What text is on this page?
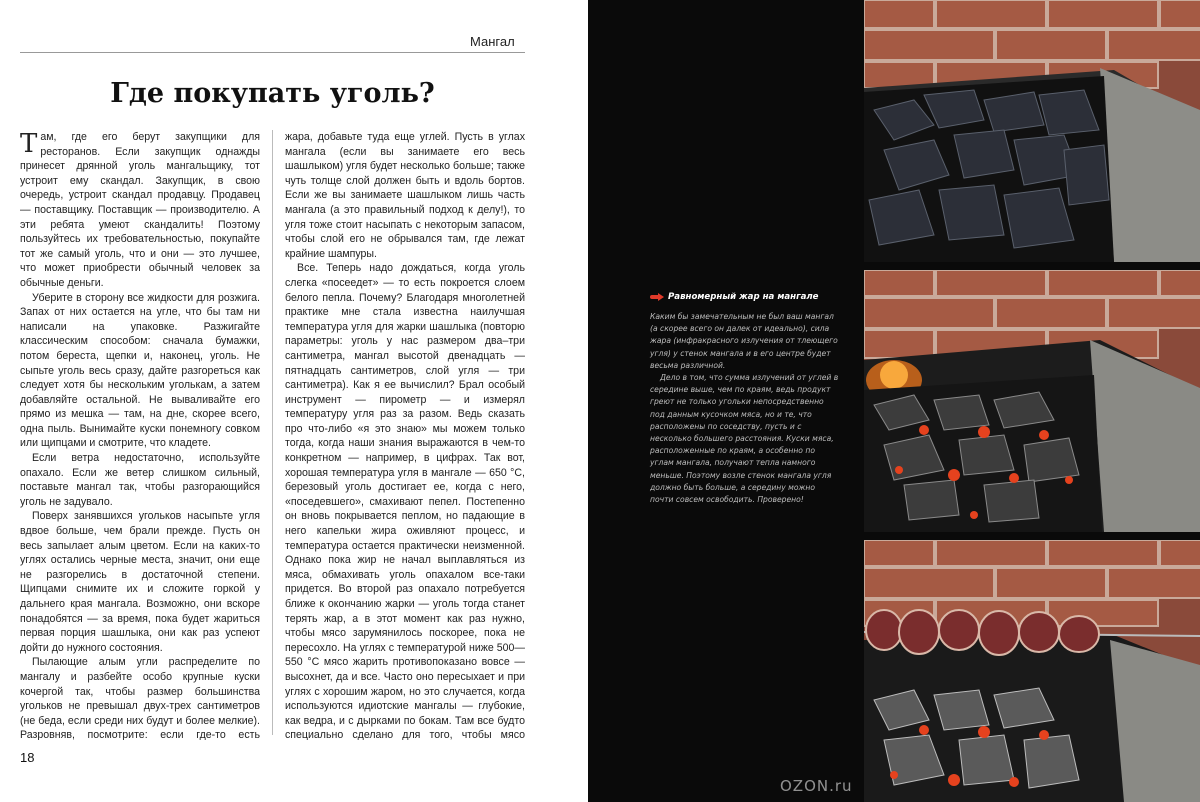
Мангал
Где покупать уголь?

Там, где его берут закупщики для ресторанов. Если закупщик однажды принесет дрянной уголь мангальщику, тот устроит ему скандал. Закупщик, в свою очередь, устроит скандал продавцу. Продавец — поставщику. Поставщик — производителю. А эти ребята умеют скандалить! Поэтому пользуйтесь их требовательностью, покупайте тот же самый уголь, что и они — это лучшее, что может приобрести обычный человек за обычные деньги.

Уберите в сторону все жидкости для розжига. Запах от них остается на угле, что бы там ни написали на упаковке. Разжигайте классическим способом: сначала бумажки, потом береста, щепки и, наконец, уголь. Не сыпьте уголь весь сразу, дайте разгореться как следует хотя бы нескольким уголькам, а затем добавляйте остальной. Не вываливайте его прямо из мешка — там, на дне, скорее всего, одна пыль. Вынимайте куски понемногу совком или щипцами и смотрите, что кладете.

Если ветра недостаточно, используйте опахало. Если же ветер слишком сильный, поставьте мангал так, чтобы разгорающийся уголь не задувало.

Поверх занявшихся угольков насыпьте угля вдвое больше, чем брали прежде. Пусть он весь запылает алым цветом. Если на каких-то углях остались черные места, значит, они еще не разгорелись в достаточной степени. Щипцами снимите их и сложите горкой у дальнего края мангала. Возможно, они вскоре понадобятся — за время, пока будет жариться первая порция шашлыка, они как раз успеют дойти до нужного состояния.

Пылающие алым угли распределите по мангалу и разбейте особо крупные куски кочергой так, чтобы размер большинства угольков не превышал двух-трех сантиметров (не беда, если среди них будут и более мелкие). Разровняв, посмотрите: если где-то есть

жара, добавьте туда еще углей. Пусть в углах мангала (если вы занимаете его весь шашлыком) угля будет несколько больше; также чуть толще слой должен быть и вдоль бортов. Если же вы занимаете шашлыком лишь часть мангала (а это правильный подход к делу!), то угля тоже стоит насыпать с некоторым запасом, чтобы слой его не обрывался там, где лежат крайние шампуры.

Все. Теперь надо дождаться, когда уголь слегка «посеедет» — то есть покроется слоем белого пепла. Почему? Благодаря многолетней практике мне стала известна наилучшая температура угля для жарки шашлыка (повторю параметры: уголь у нас размером два–три сантиметра, мангал высотой двенадцать — пятнадцать сантиметров, слой угля — три сантиметра). Как я ее вычислил? Брал особый инструмент — пирометр — и измерял температуру угля раз за разом. Ведь сказать про что-либо «я это знаю» мы можем только тогда, когда наши знания выражаются в чем-то конкретном — например, в цифрах. Так вот, хорошая температура угля в мангале — 650 °C, березовый уголь достигает ее, когда с него, «поседевшего», смахивают пепел. Постепенно он вновь покрывается пеплом, но падающие в него капельки жира оживляют процесс, и температура остается практически неизменной. Однако пока жир не начал выплавляться из мяса, обмахивать уголь опахалом все-таки придется. Во второй раз опахало потребуется ближе к окончанию жарки — уголь тогда станет терять жар, а в этот момент как раз нужно, чтобы мясо зарумянилось поскорее, пока не пересохло. На углях с температурой ниже 500—550 °C мясо жарить противопоказано вовсе — высохнет, да и все. Часто оно пересыхает и при углях с хорошим жаром, но это случается, когда используются идиотские мангалы — глубокие, как ведра, и с дырками по бокам. Там все будто специально сделано для того, чтобы мясо

18
Равномерный жар на мангале

Каким бы замечательным не был ваш мангал (а скорее всего он далек от идеально), сила жара (инфракрасного излучения от тлеющего угля) у стенок мангала и в его центре будет весьма различной.

Дело в том, что сумма излучений от углей в середине выше, чем по краям, ведь продукт греют не только угольки непосредственно под данным кусочком мяса, но и те, что расположены по соседству, пусть и с несколько большего расстояния. Куски мяса, расположенные по краям, а особенно по углам мангала, получают тепла намного меньше. Поэтому возле стенок мангала угля должно быть больше, а середину можно почти совсем освободить. Проверено!

OZON.ru
